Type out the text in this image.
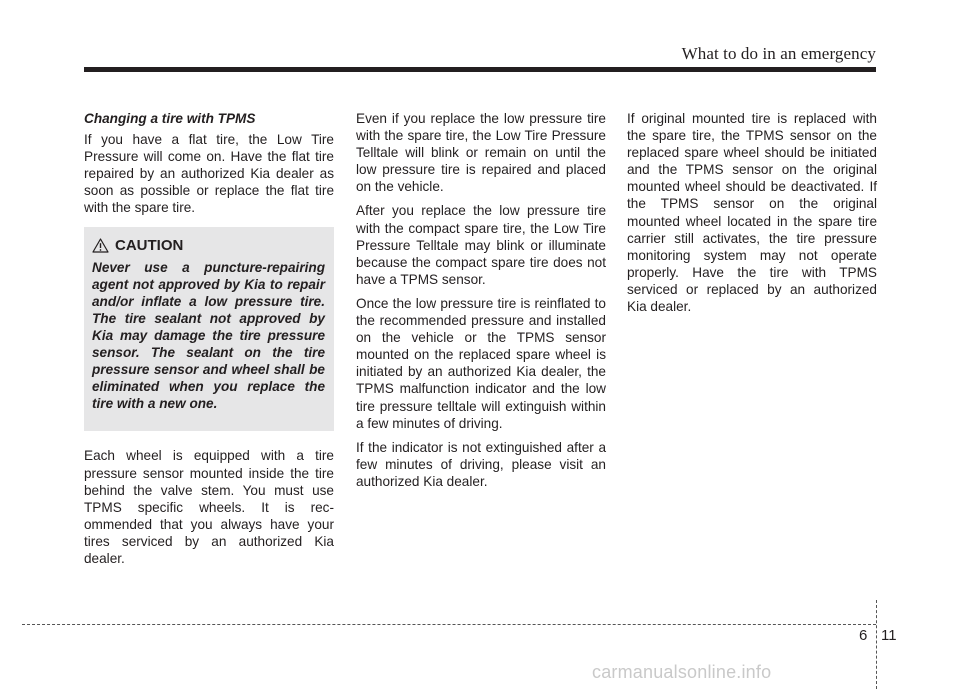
What to do in an emergency
Changing a tire with TPMS

If you have a flat tire, the Low Tire Pressure will come on. Have the flat tire repaired by an authorized Kia dealer as soon as possible or replace the flat tire with the spare tire.

CAUTION

Never use a puncture-repairing agent not approved by Kia to repair and/or inflate a low pressure tire. The tire sealant not approved by Kia may damage the tire pressure sensor. The sealant on the tire pressure sensor and wheel shall be eliminated when you replace the tire with a new one.

Each wheel is equipped with a tire pressure sensor mounted inside the tire behind the valve stem. You must use TPMS specific wheels. It is recommended that you always have your tires serviced by an authorized Kia dealer.

Even if you replace the low pressure tire with the spare tire, the Low Tire Pressure Telltale will blink or remain on until the low pressure tire is repaired and placed on the vehicle.

After you replace the low pressure tire with the compact spare tire, the Low Tire Pressure Telltale may blink or illuminate because the compact spare tire does not have a TPMS sensor.

Once the low pressure tire is reinflated to the recommended pressure and installed on the vehicle or the TPMS sensor mounted on the replaced spare wheel is initiated by an authorized Kia dealer, the TPMS malfunction indicator and the low tire pressure telltale will extinguish within a few minutes of driving.

If the indicator is not extinguished after a few minutes of driving, please visit an authorized Kia dealer.

If original mounted tire is replaced with the spare tire, the TPMS sensor on the replaced spare wheel should be initiated and the TPMS sensor on the original mounted wheel should be deactivated. If the TPMS sensor on the original mounted wheel located in the spare tire carrier still activates, the tire pressure monitoring system may not operate properly. Have the tire with TPMS serviced or replaced by an authorized Kia dealer.

6 11
carmanualsonline.info
